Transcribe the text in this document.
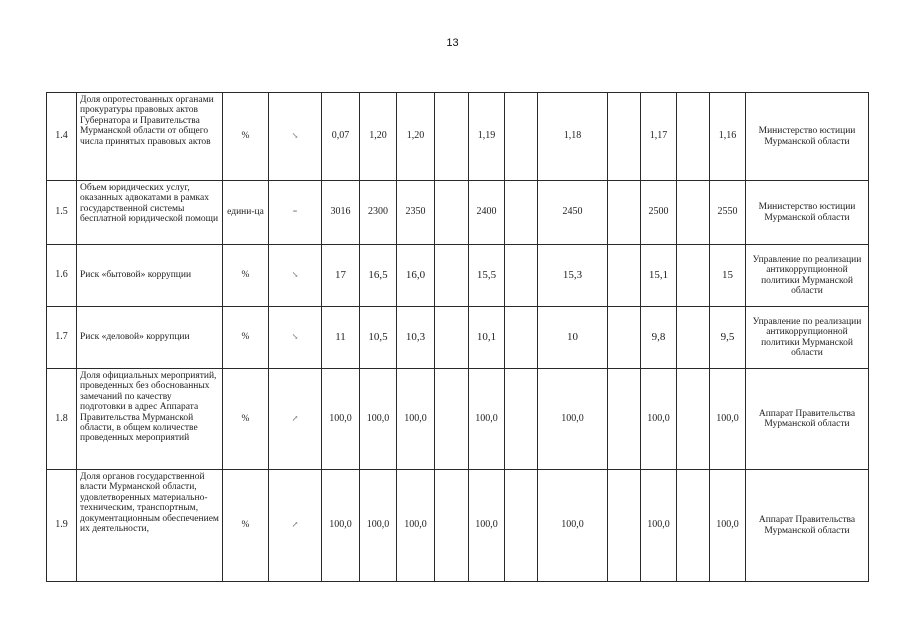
13
1.4	Доля опротестованных органами прокуратуры правовых актов Губернатора и Правительства Мурманской области от общего числа принятых правовых актов	%	↘	0,07	1,20	1,20		1,19		1,18		1,17		1,16	Министерство юстиции Мурманской области
1.5	Объем юридических услуг, оказанных адвокатами в рамках государственной системы бесплатной юридической помощи	едини-ца	=	3016	2300	2350		2400		2450		2500		2550	Министерство юстиции Мурманской области
1.6	Риск «бытовой» коррупции	%	↘	17	16,5	16,0		15,5		15,3		15,1		15	Управление по реализации антикоррупционной политики Мурманской области
1.7	Риск «деловой» коррупции	%	↘	11	10,5	10,3		10,1		10		9,8		9,5	Управление по реализации антикоррупционной политики Мурманской области
1.8	Доля официальных мероприятий, проведенных без обоснованных замечаний по качеству подготовки в адрес Аппарата Правительства Мурманской области, в общем количестве проведенных мероприятий	%	↗	100,0	100,0	100,0		100,0		100,0		100,0		100,0	Аппарат Правительства Мурманской области
1.9	Доля органов государственной власти Мурманской области, удовлетворенных материально-техническим, транспортным, документационным обеспечением их деятельности,	%	↗	100,0	100,0	100,0		100,0		100,0		100,0		100,0	Аппарат Правительства Мурманской области
